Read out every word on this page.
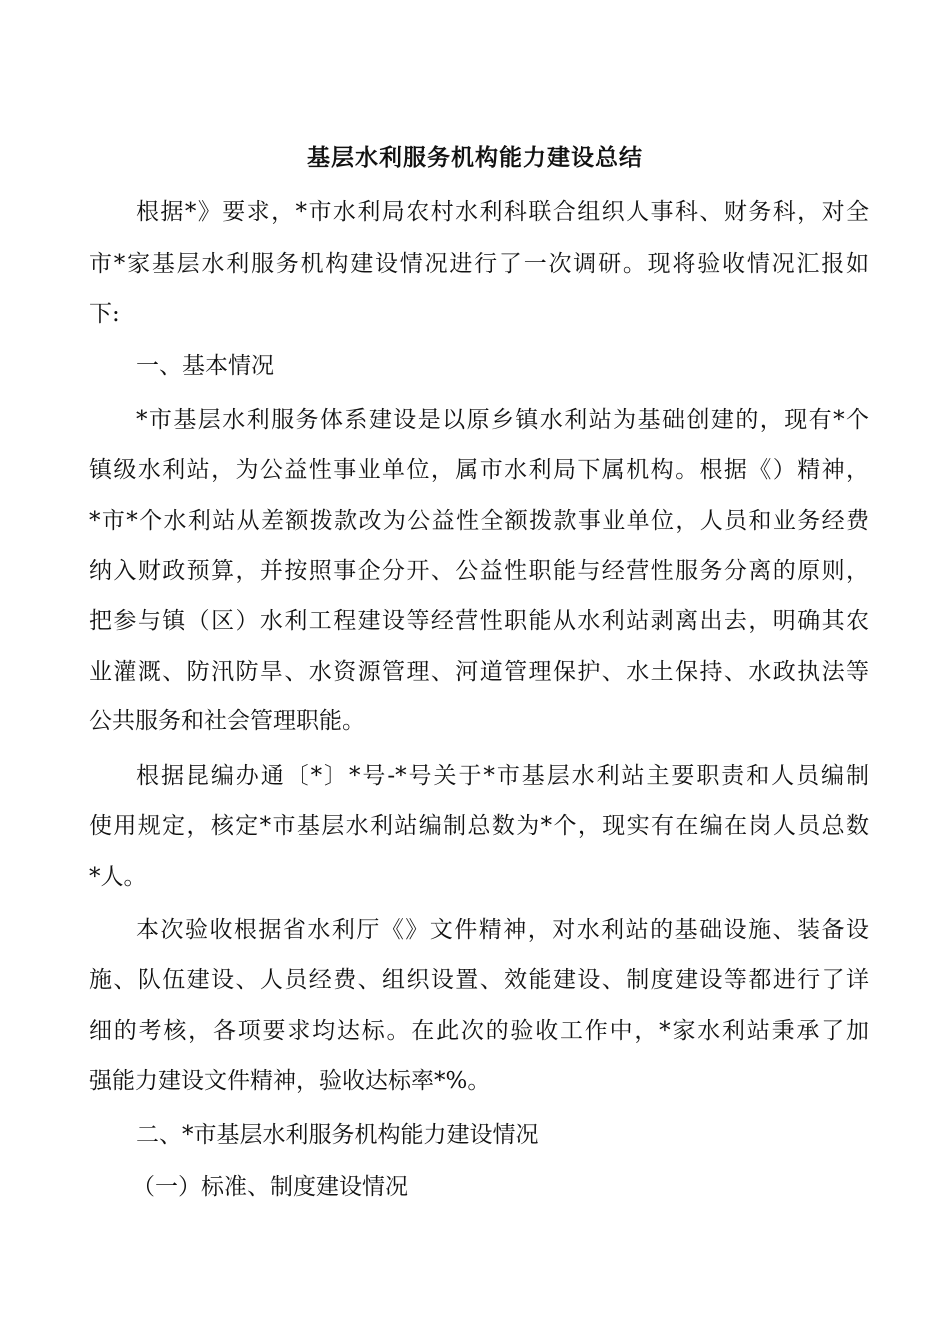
基层水利服务机构能力建设总结
根据*》要求，*市水利局农村水利科联合组织人事科、财务科，对全
市*家基层水利服务机构建设情况进行了一次调研。现将验收情况汇报如
下:
一、基本情况
*市基层水利服务体系建设是以原乡镇水利站为基础创建的，现有*个
镇级水利站，为公益性事业单位，属市水利局下属机构。根据《）精神，
*市*个水利站从差额拨款改为公益性全额拨款事业单位，人员和业务经费
纳入财政预算，并按照事企分开、公益性职能与经营性服务分离的原则，
把参与镇（区）水利工程建设等经营性职能从水利站剥离出去，明确其农
业灌溉、防汛防旱、水资源管理、河道管理保护、水土保持、水政执法等
公共服务和社会管理职能。
根据昆编办通〔*〕*号-*号关于*市基层水利站主要职责和人员编制
使用规定，核定*市基层水利站编制总数为*个，现实有在编在岗人员总数
*人。
本次验收根据省水利厅《》文件精神，对水利站的基础设施、装备设
施、队伍建设、人员经费、组织设置、效能建设、制度建设等都进行了详
细的考核，各项要求均达标。在此次的验收工作中，*家水利站秉承了加
强能力建设文件精神，验收达标率*%。
二、*市基层水利服务机构能力建设情况
（一）标准、制度建设情况
